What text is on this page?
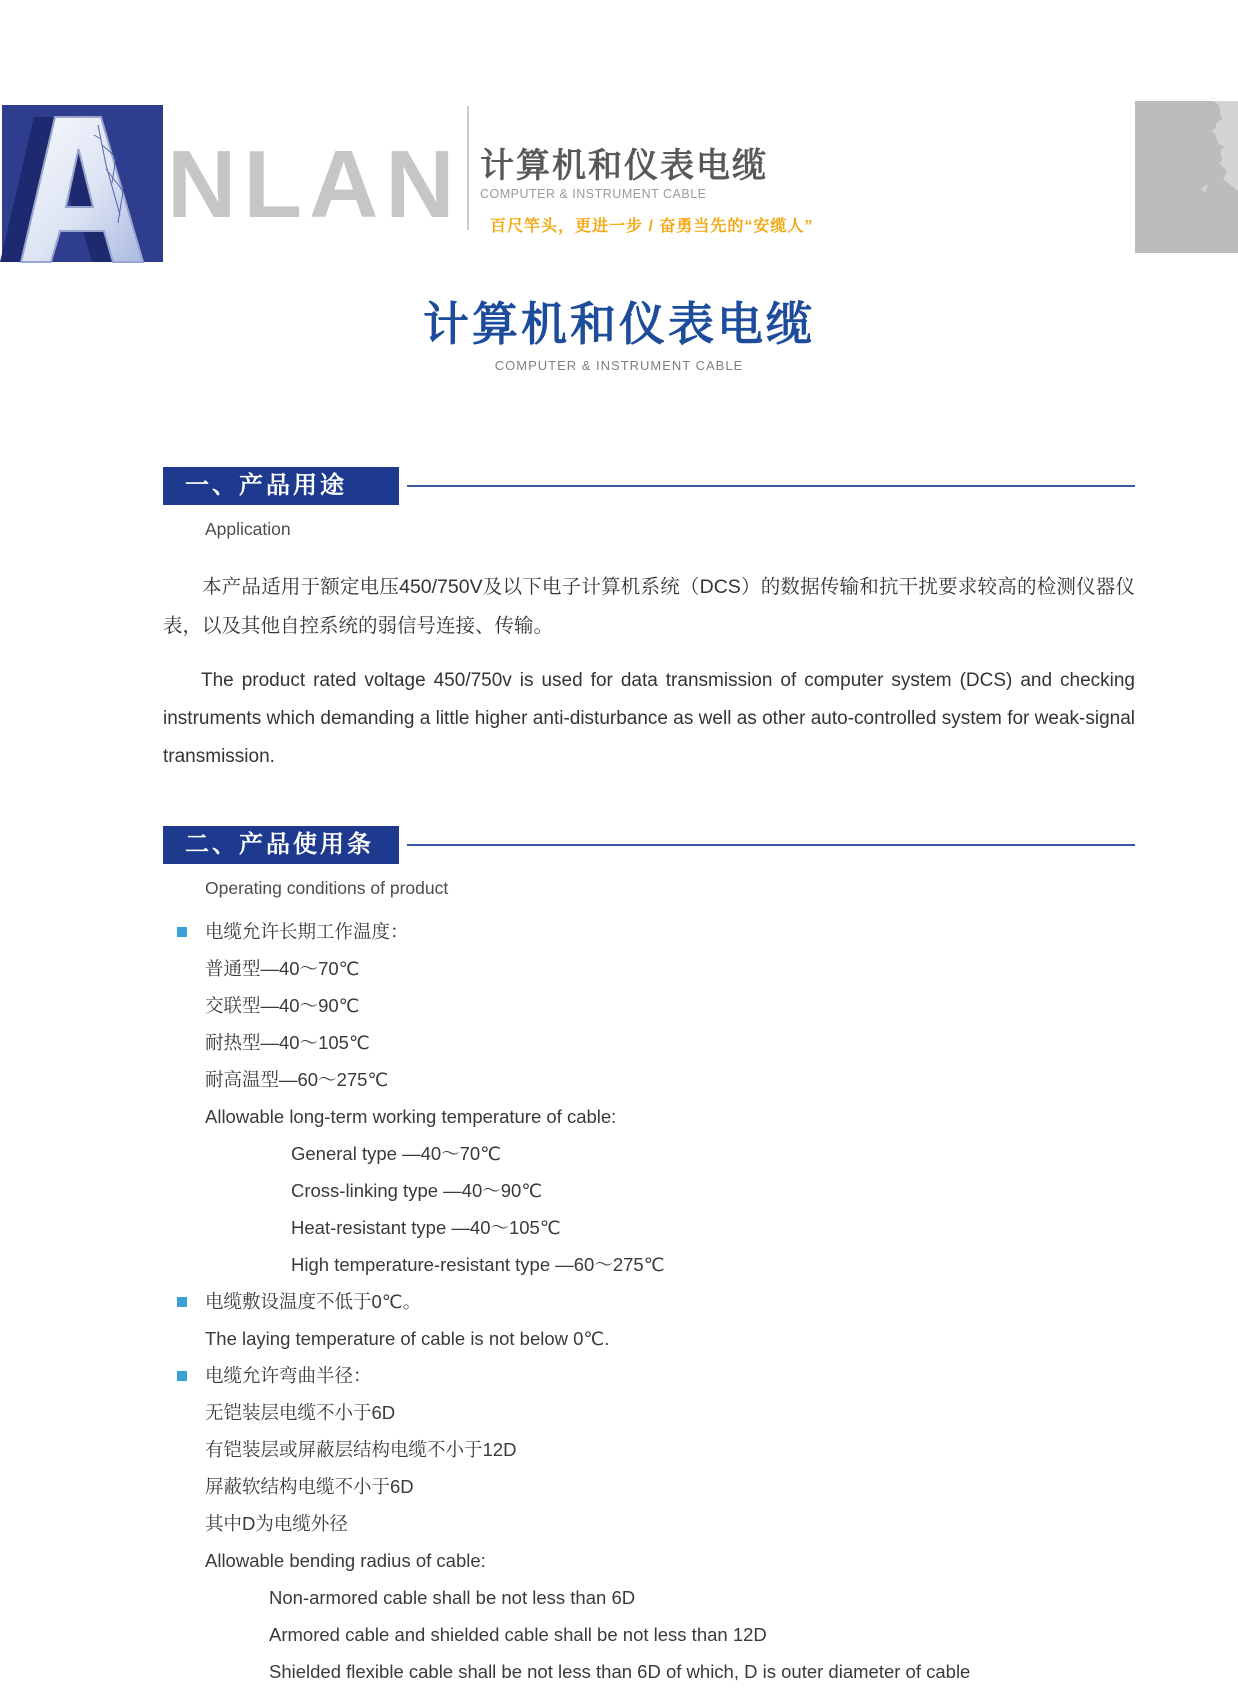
NLAN 计算机和仪表电缆
COMPUTER & INSTRUMENT CABLE
百尺竿头，更进一步 / 奋勇当先的“安缆人”
计算机和仪表电缆
COMPUTER & INSTRUMENT CABLE
一、产品用途
Application
本产品适用于额定电压450/750V及以下电子计算机系统（DCS）的数据传输和抗干扰要求较高的检测仪器仪表，以及其他自控系统的弱信号连接、传输。
The product rated voltage 450/750v is used for data transmission of computer system (DCS) and checking instruments which demanding a little higher anti-disturbance as well as other auto-controlled system for weak-signal transmission.
二、产品使用条件
Operating conditions of product
电缆允许长期工作温度：
普通型—40～70℃
交联型—40～90℃
耐热型—40～105℃
耐高温型—60～275℃
Allowable long-term working temperature of cable:
General type —40～70℃
Cross-linking type —40～90℃
Heat-resistant type —40～105℃
High temperature-resistant type —60～275℃
电缆敷设温度不低于0℃。
The laying temperature of cable is not below 0℃.
电缆允许弯曲半径：
无铠装层电缆不小于6D
有铠装层或屏蔽层结构电缆不小于12D
屏蔽软结构电缆不小于6D
其中D为电缆外径
Allowable bending radius of cable:
Non-armored cable shall be not less than 6D
Armored cable and shielded cable shall be not less than 12D
Shielded flexible cable shall be not less than 6D of which, D is outer diameter of cable
